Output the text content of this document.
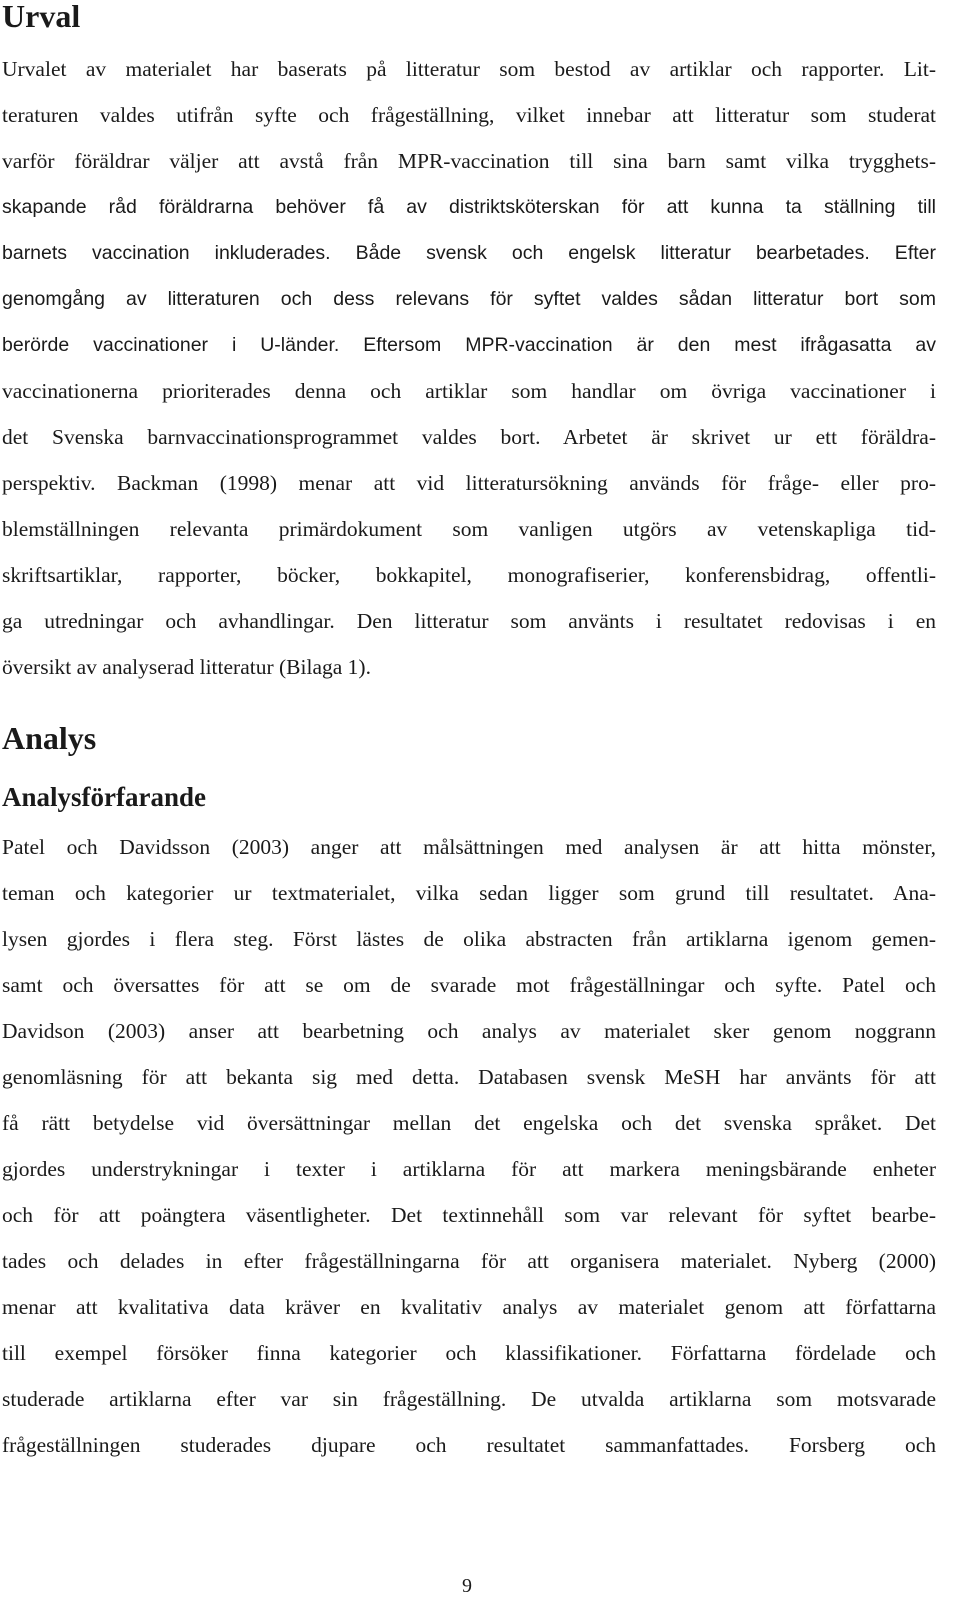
Urval
Urvalet av materialet har baserats på litteratur som bestod av artiklar och rapporter. Lit-
teraturen valdes utifrån syfte och frågeställning, vilket innebar att litteratur som studerat
varför föräldrar väljer att avstå från MPR-vaccination till sina barn samt vilka trygghets-
skapande råd föräldrarna behöver få av distriktsköterskan för att kunna ta ställning till
barnets vaccination inkluderades. Både svensk och engelsk litteratur bearbetades. Efter
genomgång av litteraturen och dess relevans för syftet valdes sådan litteratur bort som
berörde vaccinationer i U-länder. Eftersom MPR-vaccination är den mest ifrågasatta av
vaccinationerna prioriterades denna och artiklar som handlar om övriga vaccinationer i
det Svenska barnvaccinationsprogrammet valdes bort. Arbetet är skrivet ur ett föräldra-
perspektiv. Backman (1998) menar att vid litteratursökning används för fråge- eller pro-
blemställningen relevanta primärdokument som vanligen utgörs av vetenskapliga tid-
skriftsartiklar, rapporter, böcker, bokkapitel, monografiserier, konferensbidrag, offentli-
ga utredningar och avhandlingar. Den litteratur som använts i resultatet redovisas i en
översikt av analyserad litteratur (Bilaga 1).
Analys
Analysförfarande
Patel och Davidsson (2003) anger att målsättningen med analysen är att hitta mönster,
teman och kategorier ur textmaterialet, vilka sedan ligger som grund till resultatet. Ana-
lysen gjordes i flera steg. Först lästes de olika abstracten från artiklarna igenom gemen-
samt och översattes för att se om de svarade mot frågeställningar och syfte. Patel och
Davidson (2003) anser att bearbetning och analys av materialet sker genom noggrann
genomläsning för att bekanta sig med detta. Databasen svensk MeSH har använts för att
få rätt betydelse vid översättningar mellan det engelska och det svenska språket. Det
gjordes understrykningar i texter i artiklarna för att markera meningsbärande enheter
och för att poängtera väsentligheter. Det textinnehåll som var relevant för syftet bearbe-
tades och delades in efter frågeställningarna för att organisera materialet. Nyberg (2000)
menar att kvalitativa data kräver en kvalitativ analys av materialet genom att författarna
till exempel försöker finna kategorier och klassifikationer. Författarna fördelade och
studerade artiklarna efter var sin frågeställning. De utvalda artiklarna som motsvarade
frågeställningen studerades djupare och resultatet sammanfattades. Forsberg och
9
